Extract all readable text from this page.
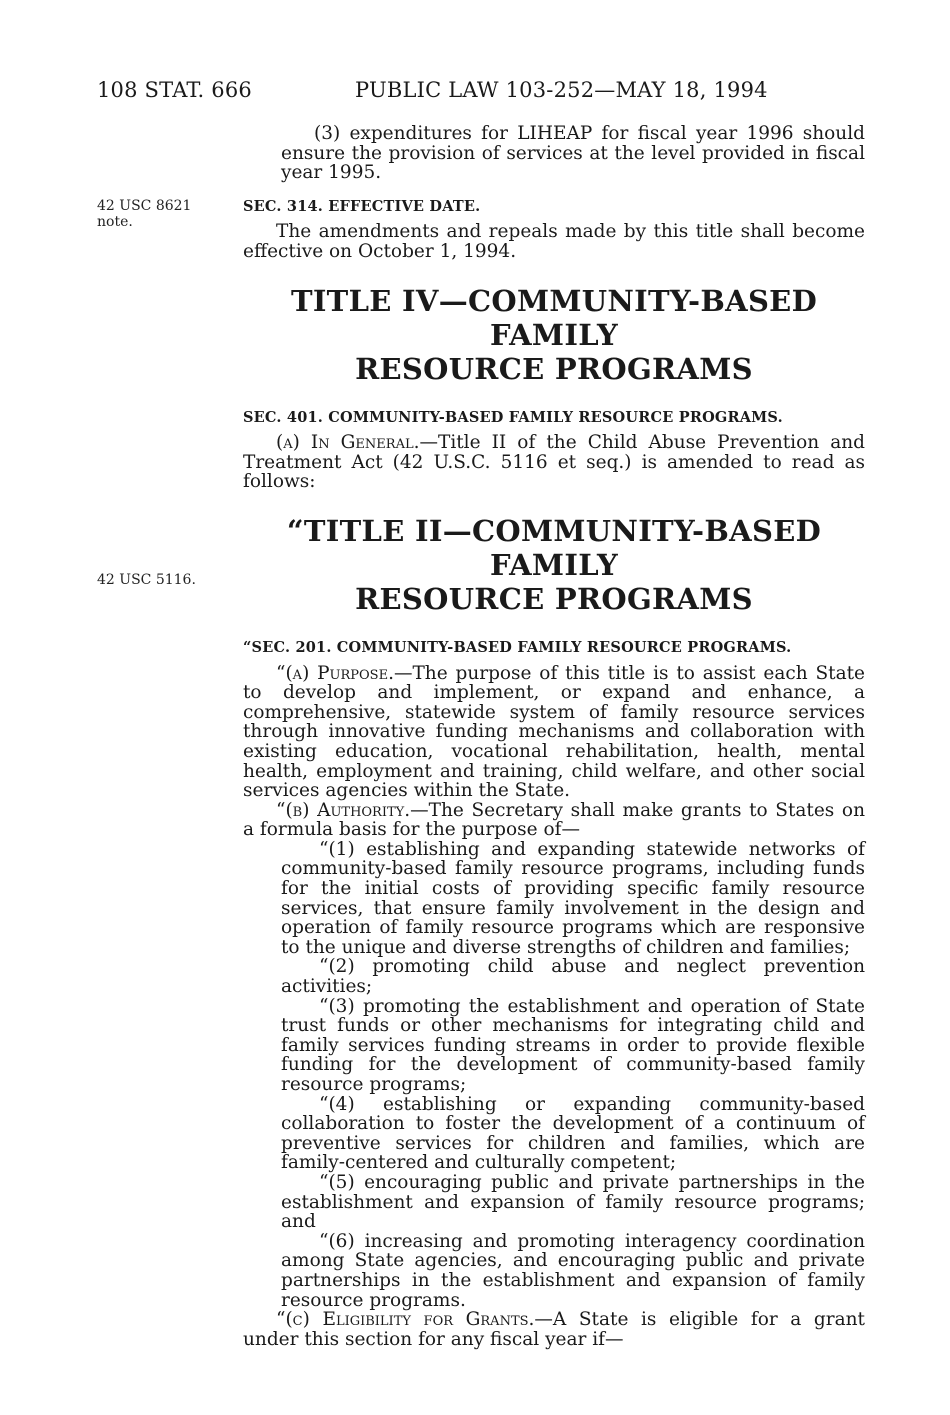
108 STAT. 666	PUBLIC LAW 103-252—MAY 18, 1994
42 USC 8621
note.
42 USC 5116.

(3) expenditures for LIHEAP for fiscal year 1996 should ensure the provision of services at the level provided in fiscal year 1995.

SEC. 314. EFFECTIVE DATE.

The amendments and repeals made by this title shall become effective on October 1, 1994.

TITLE IV—COMMUNITY-BASED FAMILY

RESOURCE PROGRAMS

SEC. 401. COMMUNITY-BASED FAMILY RESOURCE PROGRAMS.

(a) In General.—Title II of the Child Abuse Prevention and Treatment Act (42 U.S.C. 5116 et seq.) is amended to read as follows:

“TITLE II—COMMUNITY-BASED FAMILY

RESOURCE PROGRAMS

“SEC. 201. COMMUNITY-BASED FAMILY RESOURCE PROGRAMS.

“(a) Purpose.—The purpose of this title is to assist each State to develop and implement, or expand and enhance, a comprehensive, statewide system of family resource services through innovative funding mechanisms and collaboration with existing education, vocational rehabilitation, health, mental health, employment and training, child welfare, and other social services agencies within the State.

“(b) Authority.—The Secretary shall make grants to States on a formula basis for the purpose of—

“(1) establishing and expanding statewide networks of community-based family resource programs, including funds for the initial costs of providing specific family resource services, that ensure family involvement in the design and operation of family resource programs which are responsive to the unique and diverse strengths of children and families;

“(2) promoting child abuse and neglect prevention activities;

“(3) promoting the establishment and operation of State trust funds or other mechanisms for integrating child and family services funding streams in order to provide flexible funding for the development of community-based family resource programs;

“(4) establishing or expanding community-based collaboration to foster the development of a continuum of preventive services for children and families, which are family-centered and culturally competent;

“(5) encouraging public and private partnerships in the establishment and expansion of family resource programs; and

“(6) increasing and promoting interagency coordination among State agencies, and encouraging public and private partnerships in the establishment and expansion of family resource programs.

“(c) Eligibility for Grants.—A State is eligible for a grant under this section for any fiscal year if—
